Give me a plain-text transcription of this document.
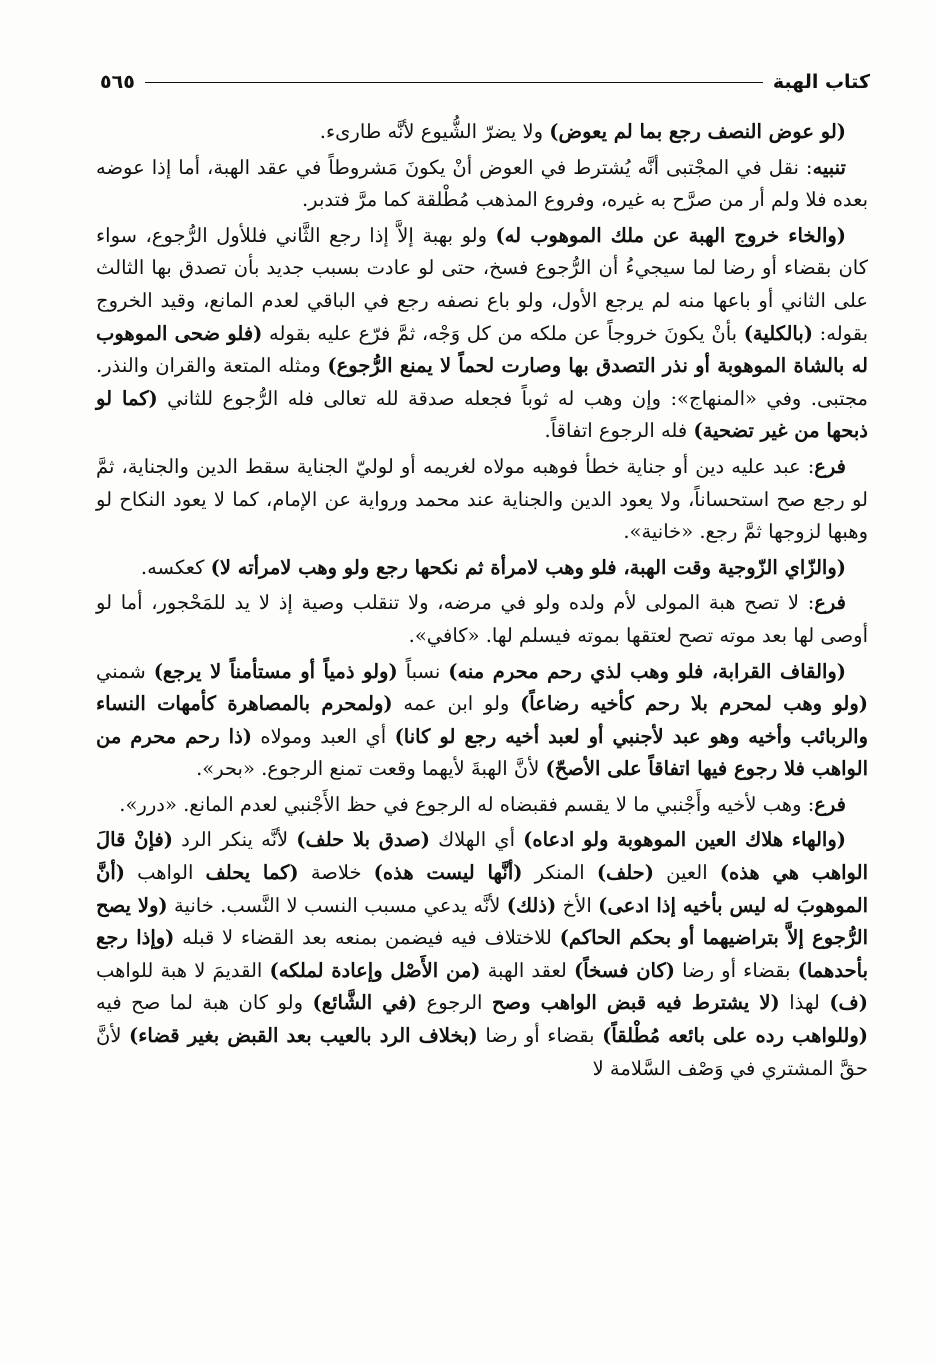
كتاب الهبة
٥٦٥

(لو عوض النصف رجع بما لم يعوض) ولا يضرّ الشُّيوع لأنَّه طارىء.

تنبيه: نقل في المجْتبى أنَّه يُشترط في العوض أنْ يكونَ مَشروطاً في عقد الهبة، أما إذا عوضه بعده فلا ولم أر من صرَّح به غيره، وفروع المذهب مُطْلقة كما مرَّ فتدبر.

(والخاء خروج الهبة عن ملك الموهوب له) ولو بهبة إلاَّ إذا رجع الثَّاني فللأول الرُّجوع، سواء كان بقضاء أو رضا لما سيجيءُ أن الرُّجوع فسخ، حتى لو عادت بسبب جديد بأن تصدق بها الثالث على الثاني أو باعها منه لم يرجع الأول، ولو باع نصفه رجع في الباقي لعدم المانع، وقيد الخروج بقوله: (بالكلية) بأنْ يكونَ خروجاً عن ملكه من كل وَجْه، ثمَّ فرّع عليه بقوله (فلو ضحى الموهوب له بالشاة الموهوبة أو نذر التصدق بها وصارت لحماً لا يمنع الرُّجوع) ومثله المتعة والقران والنذر. مجتبى. وفي «المنهاج»: وإن وهب له ثوباً فجعله صدقة لله تعالى فله الرُّجوع للثاني (كما لو ذبحها من غير تضحية) فله الرجوع اتفاقاً.

فرع: عبد عليه دين أو جناية خطأ فوهبه مولاه لغريمه أو لوليّ الجناية سقط الدين والجناية، ثمَّ لو رجع صح استحساناً، ولا يعود الدين والجناية عند محمد ورواية عن الإمام، كما لا يعود النكاح لو وهبها لزوجها ثمَّ رجع. «خانية».

(والزّاي الزّوجية وقت الهبة، فلو وهب لامرأة ثم نكحها رجع ولو وهب لامرأته لا) كعكسه.

فرع: لا تصح هبة المولى لأم ولده ولو في مرضه، ولا تنقلب وصية إذ لا يد للمَحْجور، أما لو أوصى لها بعد موته تصح لعتقها بموته فيسلم لها. «كافي».

(والقاف القرابة، فلو وهب لذي رحم محرم منه) نسباً (ولو ذمياً أو مستأمناً لا يرجع) شمني (ولو وهب لمحرم بلا رحم كأخيه رضاعاً) ولو ابن عمه (ولمحرم بالمصاهرة كأمهات النساء والربائب وأخيه وهو عبد لأجنبي أو لعبد أخيه رجع لو كانا) أي العبد ومولاه (ذا رحم محرم من الواهب فلا رجوع فيها اتفاقاً على الأصحّ) لأنَّ الهبةَ لأيهما وقعت تمنع الرجوع. «بحر».

فرع: وهب لأخيه وأَجْنبي ما لا يقسم فقبضاه له الرجوع في حظ الأَجْنبي لعدم المانع. «درر».

(والهاء هلاك العين الموهوبة ولو ادعاه) أي الهلاك (صدق بلا حلف) لأنَّه ينكر الرد (فإنْ قالَ الواهب هي هذه) العين (حلف) المنكر (أنَّها ليست هذه) خلاصة (كما يحلف الواهب (أنَّ الموهوبَ له ليس بأخيه إذا ادعى) الأخ (ذلك) لأنَّه يدعي مسبب النسب لا النَّسب. خانية (ولا يصح الرُّجوع إلاَّ بتراضيهما أو بحكم الحاكم) للاختلاف فيه فيضمن بمنعه بعد القضاء لا قبله (وإذا رجع بأحدهما) بقضاء أو رضا (كان فسخاً) لعقد الهبة (من الأَصْل وإعادة لملكه) القديمَ لا هبة للواهب (ف) لهذا (لا يشترط فيه قبض الواهب وصح الرجوع (في الشَّائع) ولو كان هبة لما صح فيه (وللواهب رده على بائعه مُطْلقاً) بقضاء أو رضا (بخلاف الرد بالعيب بعد القبض بغير قضاء) لأنَّ حقَّ المشتري في وَصْف السَّلامة لا
